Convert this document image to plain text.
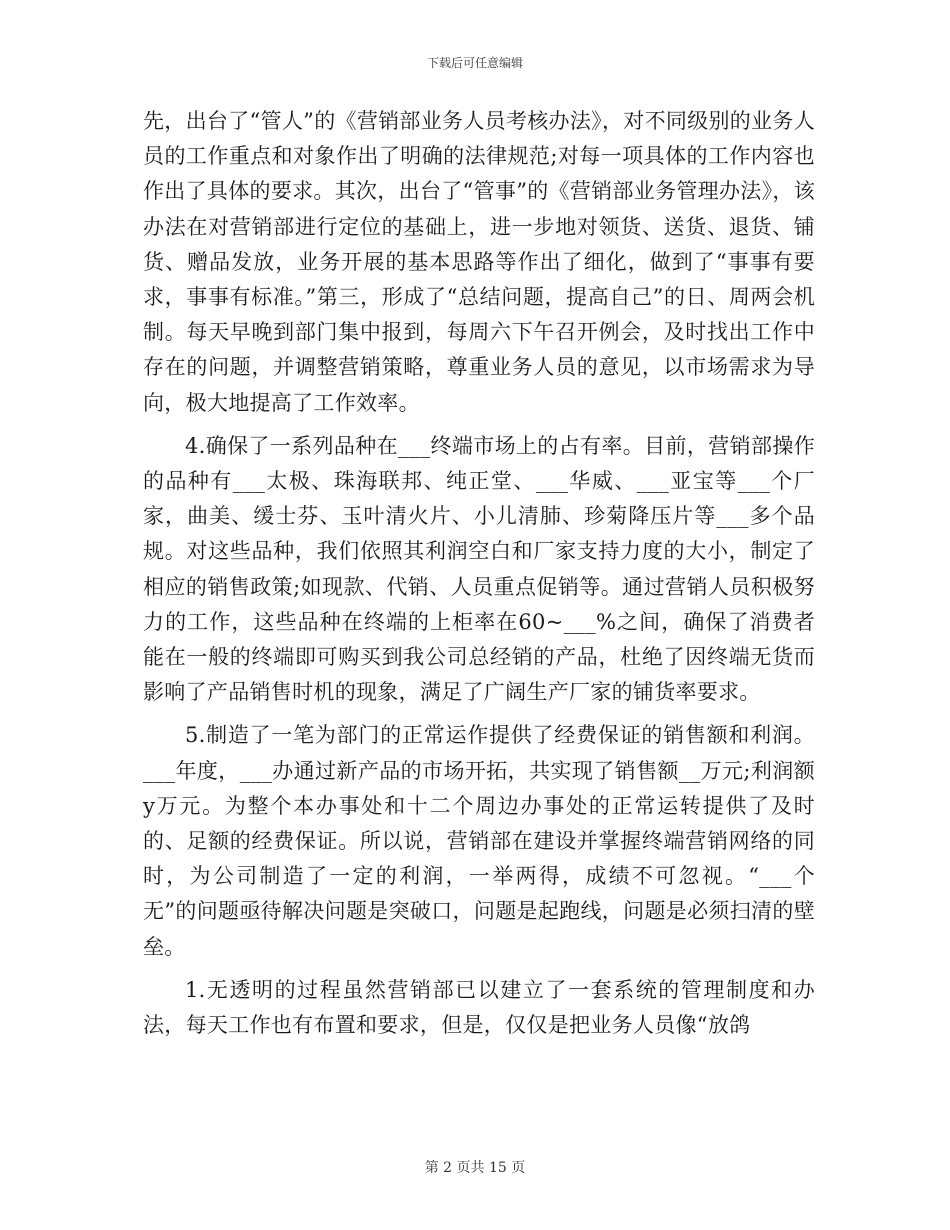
下载后可任意编辑

先，出台了“管人”的《营销部业务人员考核办法》，对不同级别的业务人员的工作重点和对象作出了明确的法律规范;对每一项具体的工作内容也作出了具体的要求。其次，出台了“管事”的《营销部业务管理办法》，该办法在对营销部进行定位的基础上，进一步地对领货、送货、退货、铺货、赠品发放，业务开展的基本思路等作出了细化，做到了“事事有要求，事事有标准。”第三，形成了“总结问题，提高自己”的日、周两会机制。每天早晚到部门集中报到，每周六下午召开例会，及时找出工作中存在的问题，并调整营销策略，尊重业务人员的意见，以市场需求为导向，极大地提高了工作效率。

4.确保了一系列品种在___终端市场上的占有率。目前，营销部操作的品种有___太极、珠海联邦、纯正堂、___华威、___亚宝等___个厂家，曲美、缓士芬、玉叶清火片、小儿清肺、珍菊降压片等___多个品规。对这些品种，我们依照其利润空白和厂家支持力度的大小，制定了相应的销售政策;如现款、代销、人员重点促销等。通过营销人员积极努力的工作，这些品种在终端的上柜率在60~___%之间，确保了消费者能在一般的终端即可购买到我公司总经销的产品，杜绝了因终端无货而影响了产品销售时机的现象，满足了广阔生产厂家的铺货率要求。

5.制造了一笔为部门的正常运作提供了经费保证的销售额和利润。___年度，___办通过新产品的市场开拓，共实现了销售额__万元;利润额y万元。为整个本办事处和十二个周边办事处的正常运转提供了及时的、足额的经费保证。所以说，营销部在建设并掌握终端营销网络的同时，为公司制造了一定的利润，一举两得，成绩不可忽视。“___个无”的问题亟待解决问题是突破口，问题是起跑线，问题是必须扫清的壁垒。

1.无透明的过程虽然营销部已以建立了一套系统的管理制度和办法，每天工作也有布置和要求，但是，仅仅是把业务人员像“放鸽

第 2 页共 15 页
